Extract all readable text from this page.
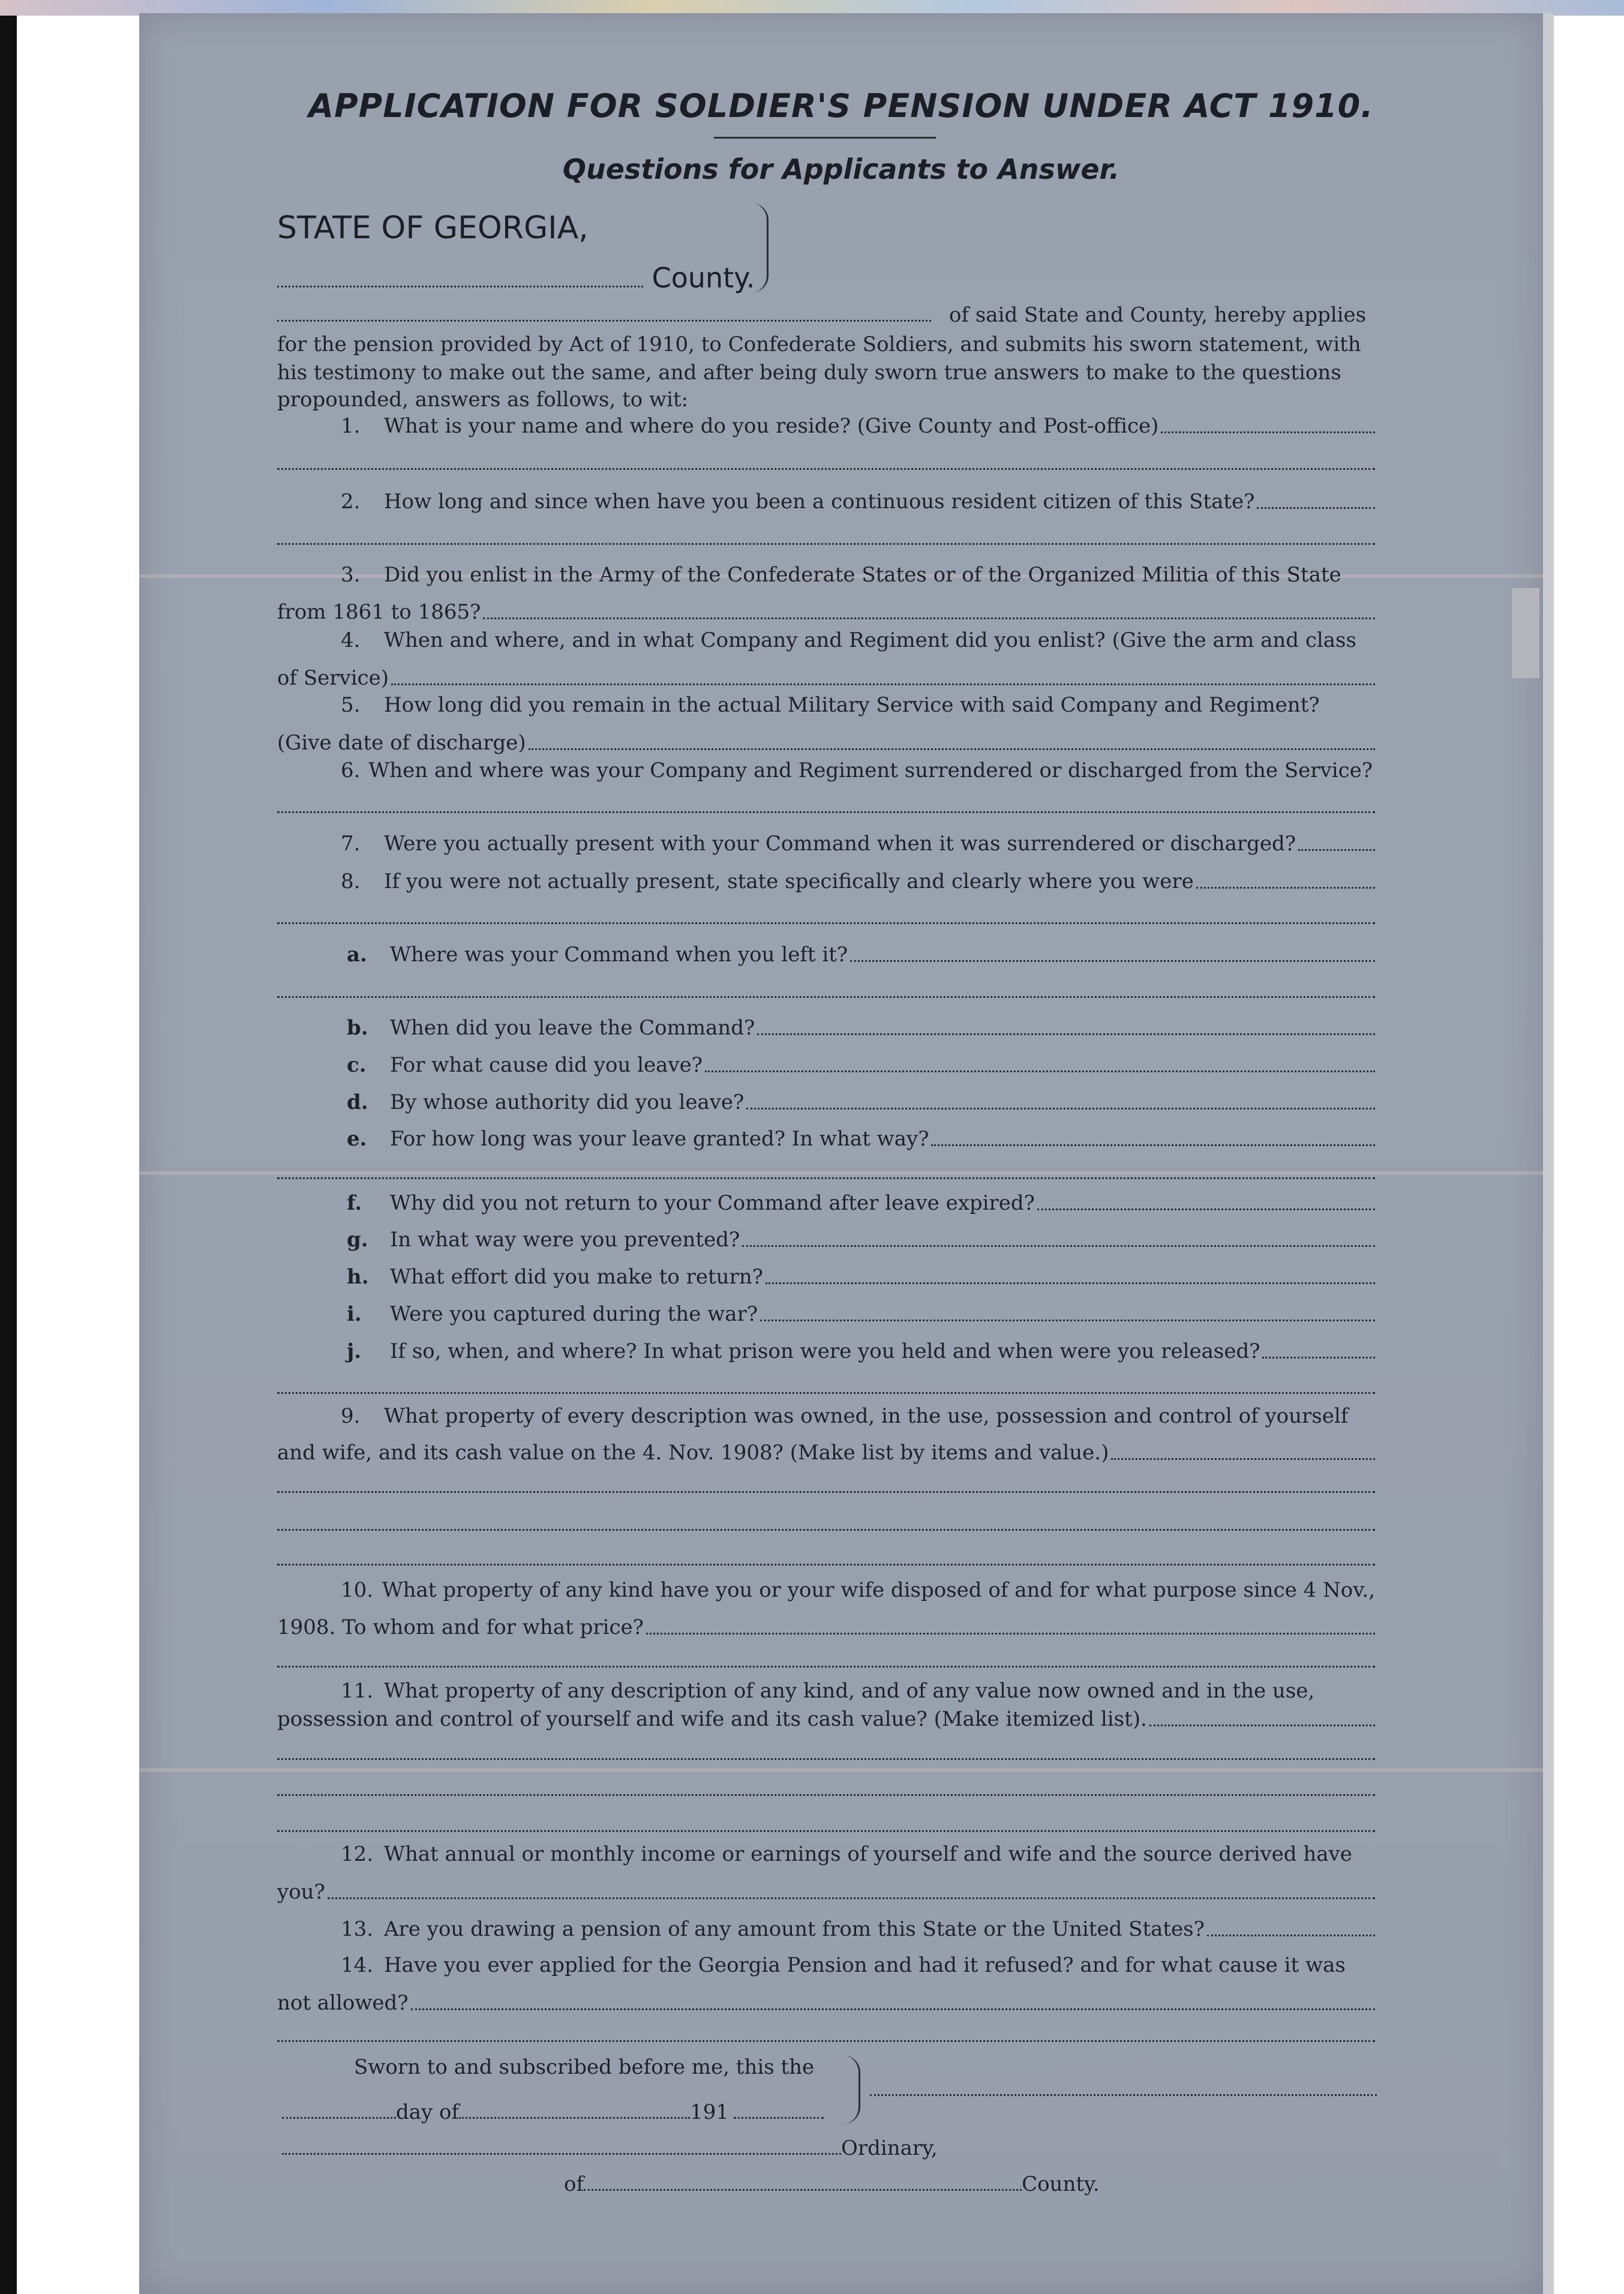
APPLICATION FOR SOLDIER'S PENSION UNDER ACT 1910.
Questions for Applicants to Answer.
STATE OF GEORGIA,
County.
of said State and County, hereby applies
for the pension provided by Act of 1910, to Confederate Soldiers, and submits his sworn statement, with
his testimony to make out the same, and after being duly sworn true answers to make to the questions
propounded, answers as follows, to wit:
1.	What is your name and where do you reside? (Give County and Post-office)
2.	How long and since when have you been a continuous resident citizen of this State?
3.	Did you enlist in the Army of the Confederate States or of the Organized Militia of this State
from 1861 to 1865?
4.	When and where, and in what Company and Regiment did you enlist? (Give the arm and class
of Service)
5.	How long did you remain in the actual Military Service with said Company and Regiment?
(Give date of discharge)
6. When and where was your Company and Regiment surrendered or discharged from the Service?
7.	Were you actually present with your Command when it was surrendered or discharged?
8.	If you were not actually present, state specifically and clearly where you were
a.	Where was your Command when you left it?
b.	When did you leave the Command?
c.	For what cause did you leave?
d.	By whose authority did you leave?
e.	For how long was your leave granted? In what way?
f.	Why did you not return to your Command after leave expired?
g.	In what way were you prevented?
h.	What effort did you make to return?
i.	Were you captured during the war?
j.	If so, when, and where? In what prison were you held and when were you released?
9.	What property of every description was owned, in the use, possession and control of yourself
and wife, and its cash value on the 4. Nov. 1908? (Make list by items and value.)
10. What property of any kind have you or your wife disposed of and for what purpose since 4 Nov.,
1908. To whom and for what price?
11. What property of any description of any kind, and of any value now owned and in the use,
possession and control of yourself and wife and its cash value? (Make itemized list).
12. What annual or monthly income or earnings of yourself and wife and the source derived have
you?
13. Are you drawing a pension of any amount from this State or the United States?
14. Have you ever applied for the Georgia Pension and had it refused? and for what cause it was
not allowed?
Sworn to and subscribed before me, this the
day of	191
Ordinary,
of	County.
